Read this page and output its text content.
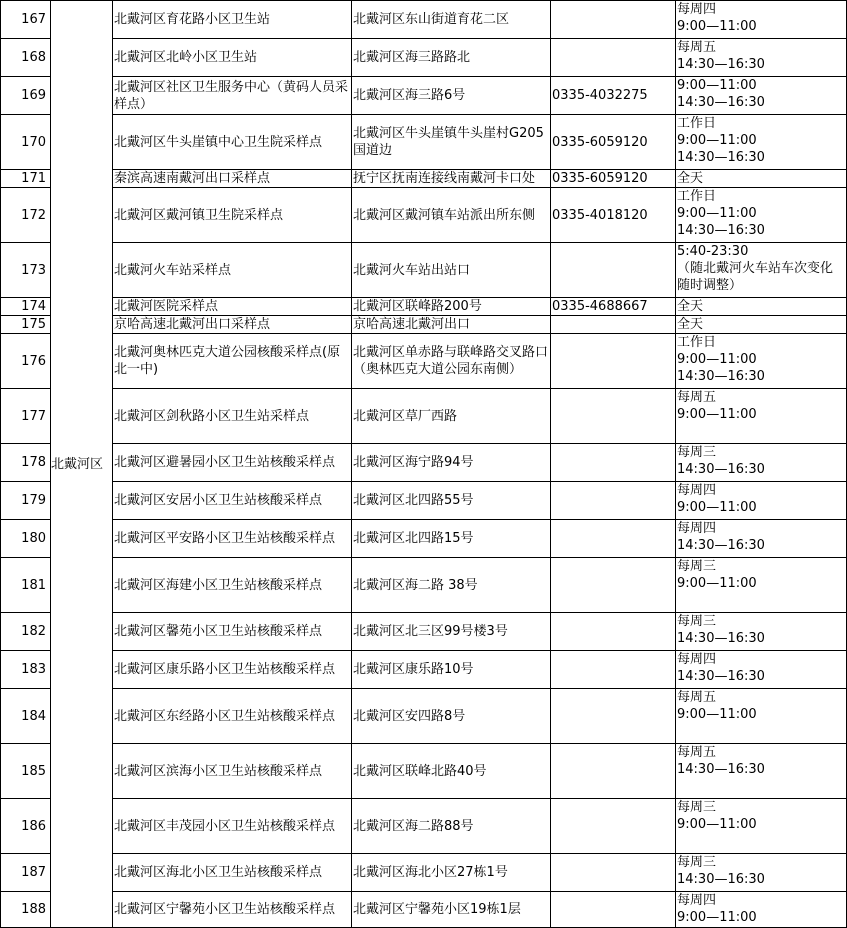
167	北戴河区	北戴河区育花路小区卫生站	北戴河区东山街道育花二区		每周四
9:00—11:00
168		北戴河区北岭小区卫生站	北戴河区海三路路北		每周五
14:30—16:30
169		北戴河区社区卫生服务中心（黄码人员采样点）	北戴河区海三路6号	0335-4032275	9:00—11:00
14:30—16:30
170		北戴河区牛头崖镇中心卫生院采样点	北戴河区牛头崖镇牛头崖村G205国道边	0335-6059120	工作日
9:00—11:00
14:30—16:30
171		秦滨高速南戴河出口采样点	抚宁区抚南连接线南戴河卡口处	0335-6059120	全天
172		北戴河区戴河镇卫生院采样点	北戴河区戴河镇车站派出所东侧	0335-4018120	工作日
9:00—11:00
14:30—16:30
173		北戴河火车站采样点	北戴河火车站出站口		5:40-23:30
（随北戴河火车站车次变化随时调整）
174		北戴河医院采样点	北戴河区联峰路200号	0335-4688667	全天
175		京哈高速北戴河出口采样点	京哈高速北戴河出口		全天
176		北戴河奥林匹克大道公园核酸采样点(原北一中)	北戴河区单赤路与联峰路交叉路口（奥林匹克大道公园东南侧）		工作日
9:00—11:00
14:30—16:30
177		北戴河区剑秋路小区卫生站采样点	北戴河区草厂西路		每周五
9:00—11:00
178		北戴河区避暑园小区卫生站核酸采样点	北戴河区海宁路94号		每周三
14:30—16:30
179		北戴河区安居小区卫生站核酸采样点	北戴河区北四路55号		每周四
9:00—11:00
180		北戴河区平安路小区卫生站核酸采样点	北戴河区北四路15号		每周四
14:30—16:30
181		北戴河区海建小区卫生站核酸采样点	北戴河区海二路 38号		每周三
9:00—11:00
182		北戴河区馨苑小区卫生站核酸采样点	北戴河区北三区99号楼3号		每周三
14:30—16:30
183		北戴河区康乐路小区卫生站核酸采样点	北戴河区康乐路10号		每周四
14:30—16:30
184		北戴河区东经路小区卫生站核酸采样点	北戴河区安四路8号		每周五
9:00—11:00
185		北戴河区滨海小区卫生站核酸采样点	北戴河区联峰北路40号		每周五
14:30—16:30
186		北戴河区丰茂园小区卫生站核酸采样点	北戴河区海二路88号		每周三
9:00—11:00
187		北戴河区海北小区卫生站核酸采样点	北戴河区海北小区27栋1号		每周三
14:30—16:30
188		北戴河区宁馨苑小区卫生站核酸采样点	北戴河区宁馨苑小区19栋1层		每周四
9:00—11:00
